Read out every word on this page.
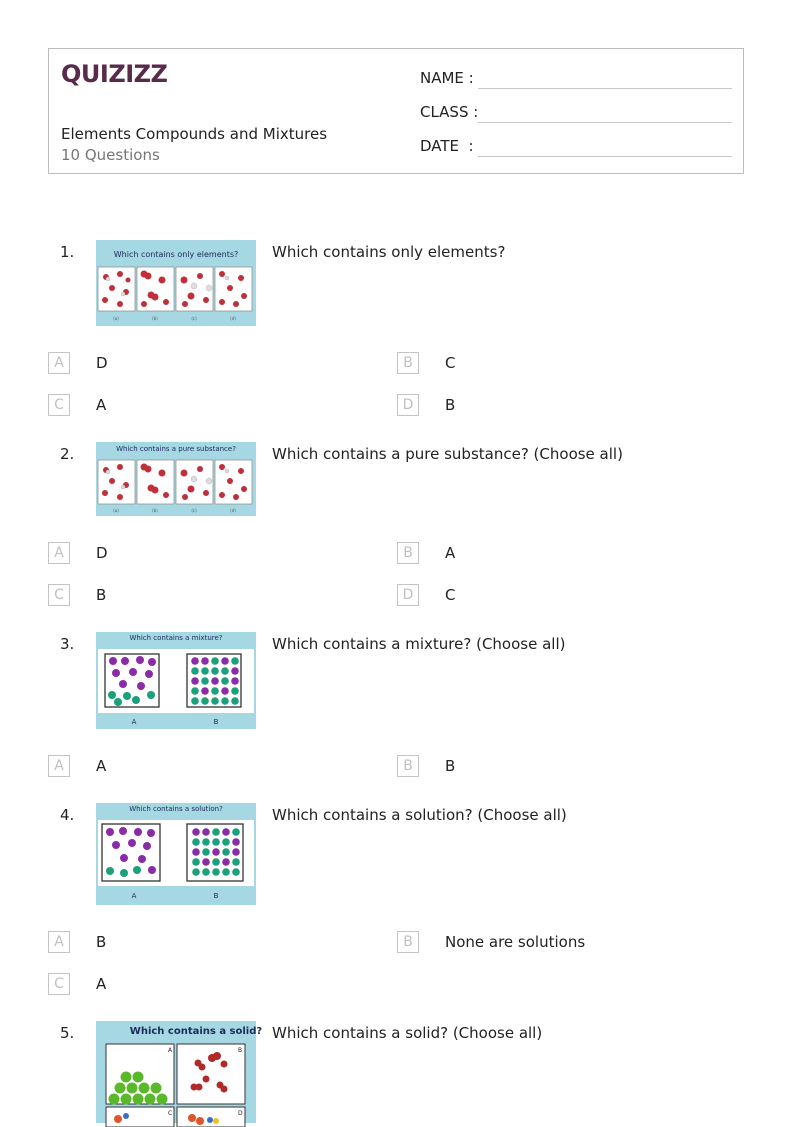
QUIZIZZ
Elements Compounds and Mixtures
10 Questions
NAME :
CLASS :
DATE  :
1.	Which contains only elements?
(a)	(b)	(c)	(d)
Which contains only elements?
A	D	B	C
C	A	D	B
2.	Which contains a pure substance?
(a)	(b)	(c)	(d)
Which contains a pure substance? (Choose all)
A	D	B	A
C	B	D	C
3.	Which contains a mixture?
A	B
Which contains a mixture? (Choose all)
A	A	B	B
4.	Which contains a solution?
A	B
Which contains a solution? (Choose all)
A	B	B	None are solutions
C	A
5.	Which contains a solid?
A	B
C	D
Which contains a solid? (Choose all)
